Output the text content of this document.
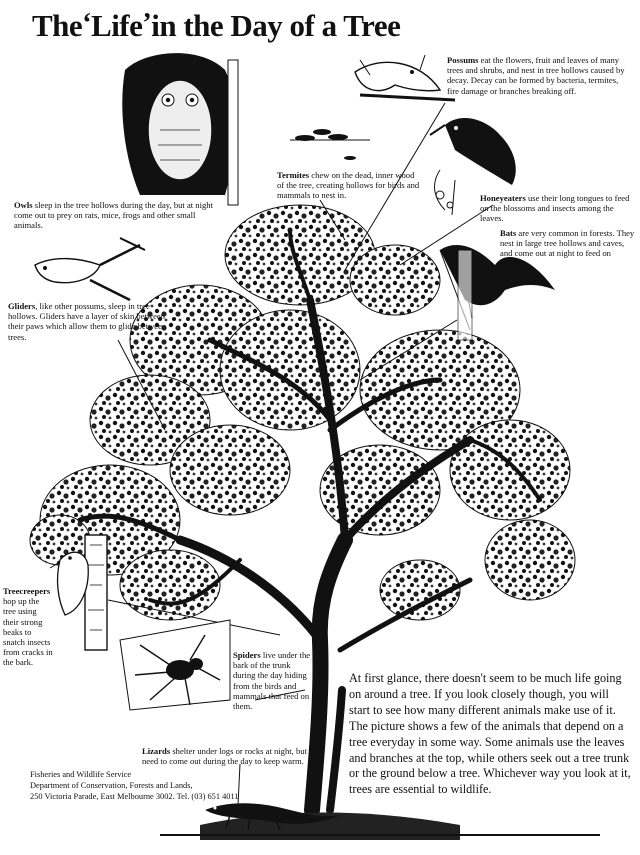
The‘Life’in the Day of a Tree
Possums eat the flowers, fruit and leaves of many trees and shrubs, and nest in tree hollows caused by decay. Decay can be formed by bacteria, termites, fire damage or branches breaking off.
Termites chew on the dead, inner wood of the tree, creating hollows for birds and mammals to nest in.
Owls sleep in the tree hollows during the day, but at night come out to prey on rats, mice, frogs and other small animals.
Honeyeaters use their long tongues to feed on the blossoms and insects among the leaves.
Bats are very common in forests. They nest in large tree hollows and caves, and come out at night to feed on insects.
Gliders, like other possums, sleep in tree hollows. Gliders have a layer of skin between their paws which allow them to glide between trees.
Treecreepers hop up the tree using their strong beaks to snatch insects from cracks in the bark.
Spiders live under the bark of the trunk during the day hiding from the birds and mammals that feed on them.
Lizards shelter under logs or rocks at night, but need to come out during the day to keep warm.
At first glance, there doesn't seem to be much life going on around a tree. If you look closely though, you will start to see how many different animals make use of it. The picture shows a few of the animals that depend on a tree everyday in some way. Some animals use the leaves and branches at the top, while others seek out a tree trunk or the ground below a tree. Whichever way you look at it, trees are essential to wildlife.
Fisheries and Wildlife Service
Department of Conservation, Forests and Lands,
250 Victoria Parade, East Melbourne 3002. Tel. (03) 651 4011
